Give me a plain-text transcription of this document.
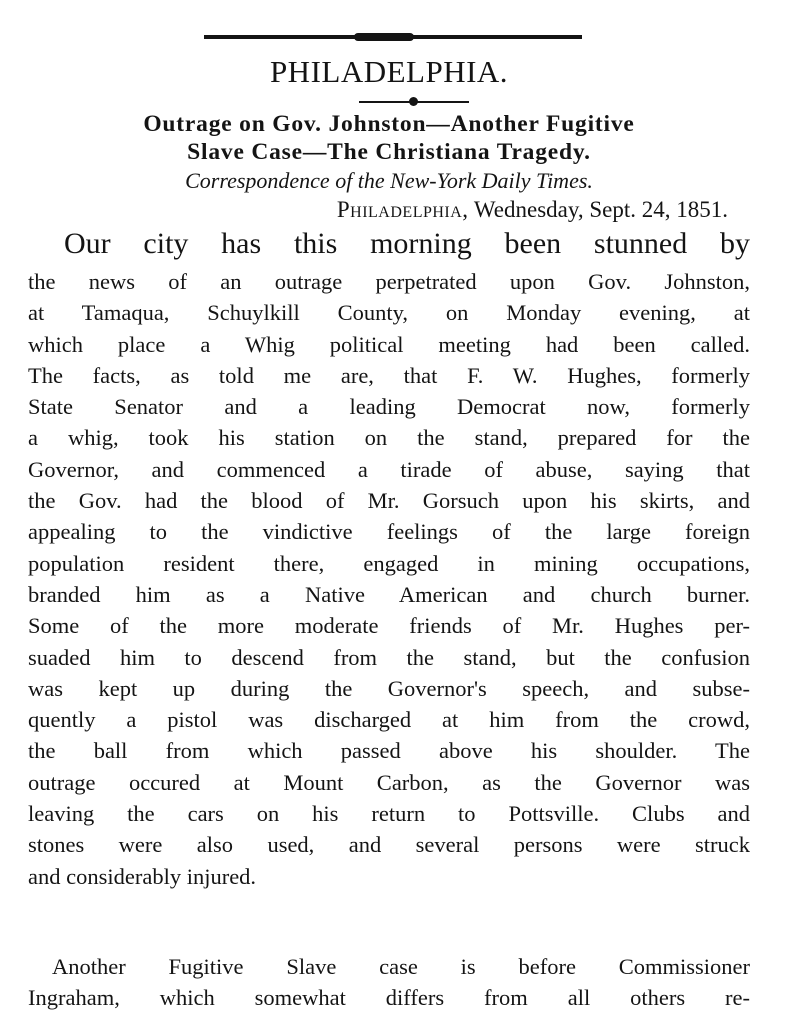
PHILADELPHIA.
Outrage on Gov. Johnston—Another Fugitive
Slave Case—The Christiana Tragedy.
Correspondence of the New-York Daily Times.
Philadelphia, Wednesday, Sept. 24, 1851.
Our city has this morning been stunned by
the news of an outrage perpetrated upon Gov. Johnston,
at Tamaqua, Schuylkill County, on Monday evening, at
which place a Whig political meeting had been called.
The facts, as told me are, that F. W. Hughes, formerly
State Senator and a leading Democrat now, formerly
a whig, took his station on the stand, prepared for the
Governor, and commenced a tirade of abuse, saying that
the Gov. had the blood of Mr. Gorsuch upon his skirts, and
appealing to the vindictive feelings of the large foreign
population resident there, engaged in mining occupations,
branded him as a Native American and church burner.
Some of the more moderate friends of Mr. Hughes per-
suaded him to descend from the stand, but the confusion
was kept up during the Governor's speech, and subse-
quently a pistol was discharged at him from the crowd,
the ball from which passed above his shoulder. The
outrage occured at Mount Carbon, as the Governor was
leaving the cars on his return to Pottsville. Clubs and
stones were also used, and several persons were struck
and considerably injured.
Another Fugitive Slave case is before Commissioner
Ingraham, which somewhat differs from all others re-
